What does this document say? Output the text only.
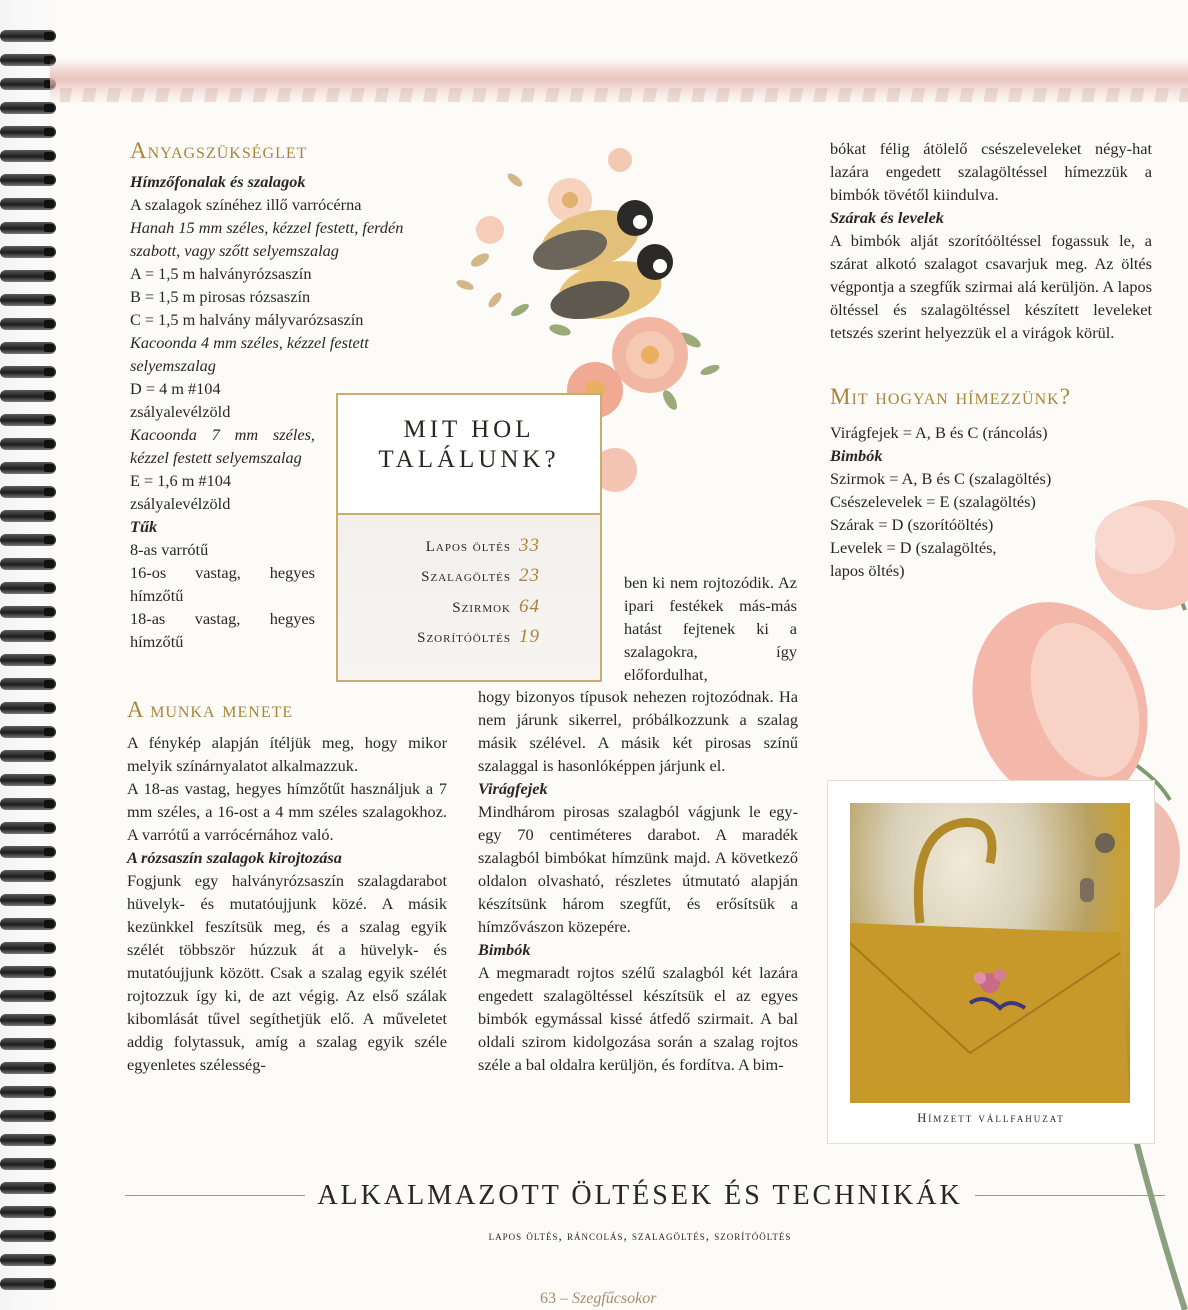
Anyagszükséglet

Hímzőfonalak és szalagok

A szalagok színéhez illő varrócérna

Hanah 15 mm széles, kézzel festett, ferdén szabott, vagy szőtt selyemszalag

A = 1,5 m halványrózsaszín

B = 1,5 m pirosas rózsaszín

C = 1,5 m halvány mályvarózsaszín

Kacoonda 4 mm széles, kézzel festett selyemszalag

D = 4 m #104 zsályalevélzöld

Kacoonda 7 mm széles, kézzel festett selyemszalag

E = 1,6 m #104 zsályalevélzöld

Tűk

8-as varrótű

16-os vastag, hegyes hímzőtű

18-as vastag, hegyes hímzőtű

MIT HOL
TALÁLUNK?
Lapos öltés 33
Szalagöltés 23
Szirmok 64
Szorítóöltés 19
A munka menete

A fénykép alapján ítéljük meg, hogy mikor melyik színárnyalatot alkalmazzuk.

A 18-as vastag, hegyes hímzőtűt használjuk a 7 mm széles, a 16-ost a 4 mm széles szalagokhoz. A varrótű a varrócérnához való.

A rózsaszín szalagok kirojtozása

Fogjunk egy halványrózsaszín szalagdarabot hüvelyk- és mutatóujjunk közé. A másik kezünkkel feszítsük meg, és a szalag egyik szélét többször húzzuk át a hüvelyk- és mutatóujjunk között. Csak a szalag egyik szélét rojtozzuk így ki, de azt végig. Az első szálak kibomlását tűvel segíthetjük elő. A műveletet addig folytassuk, amíg a szalag egyik széle egyenletes szélesség-

ben ki nem rojtozódik. Az ipari festékek más-más hatást fejtenek ki a szalagokra, így előfordulhat,

hogy bizonyos típusok nehezen rojtozódnak. Ha nem járunk sikerrel, próbálkozzunk a szalag másik szélével. A másik két pirosas színű szalaggal is hasonlóképpen járjunk el.

Virágfejek

Mindhárom pirosas szalagból vágjunk le egy-egy 70 centiméteres darabot. A maradék szalagból bimbókat hímzünk majd. A következő oldalon olvasható, részletes útmutató alapján készítsünk három szegfűt, és erősítsük a hímzővászon közepére.

Bimbók

A megmaradt rojtos szélű szalagból két lazára engedett szalagöltéssel készítsük el az egyes bimbók egymással kissé átfedő szirmait. A bal oldali szirom kidolgozása során a szalag rojtos széle a bal oldalra kerüljön, és fordítva. A bim-

bókat félig átölelő csészeleveleket négy-hat lazára engedett szalagöltéssel hímezzük a bimbók tövétől kiindulva.

Szárak és levelek

A bimbók alját szorítóöltéssel fogassuk le, a szárat alkotó szalagot csavarjuk meg. Az öltés végpontja a szegfűk szirmai alá kerüljön. A lapos öltéssel és szalagöltéssel készített leveleket tetszés szerint helyezzük el a virágok körül.

Mit hogyan hímezzünk?

Virágfejek = A, B és C (ráncolás)

Bimbók

Szirmok = A, B és C (szalagöltés)

Csészelevelek = E (szalagöltés)

Szárak = D (szorítóöltés)

Levelek = D (szalagöltés,

lapos öltés)

Hímzett vállfahuzat
ALKALMAZOTT ÖLTÉSEK ÉS TECHNIKÁK
lapos öltés, ráncolás, szalagöltés, szorítóöltés
63 – Szegfűcsokor
